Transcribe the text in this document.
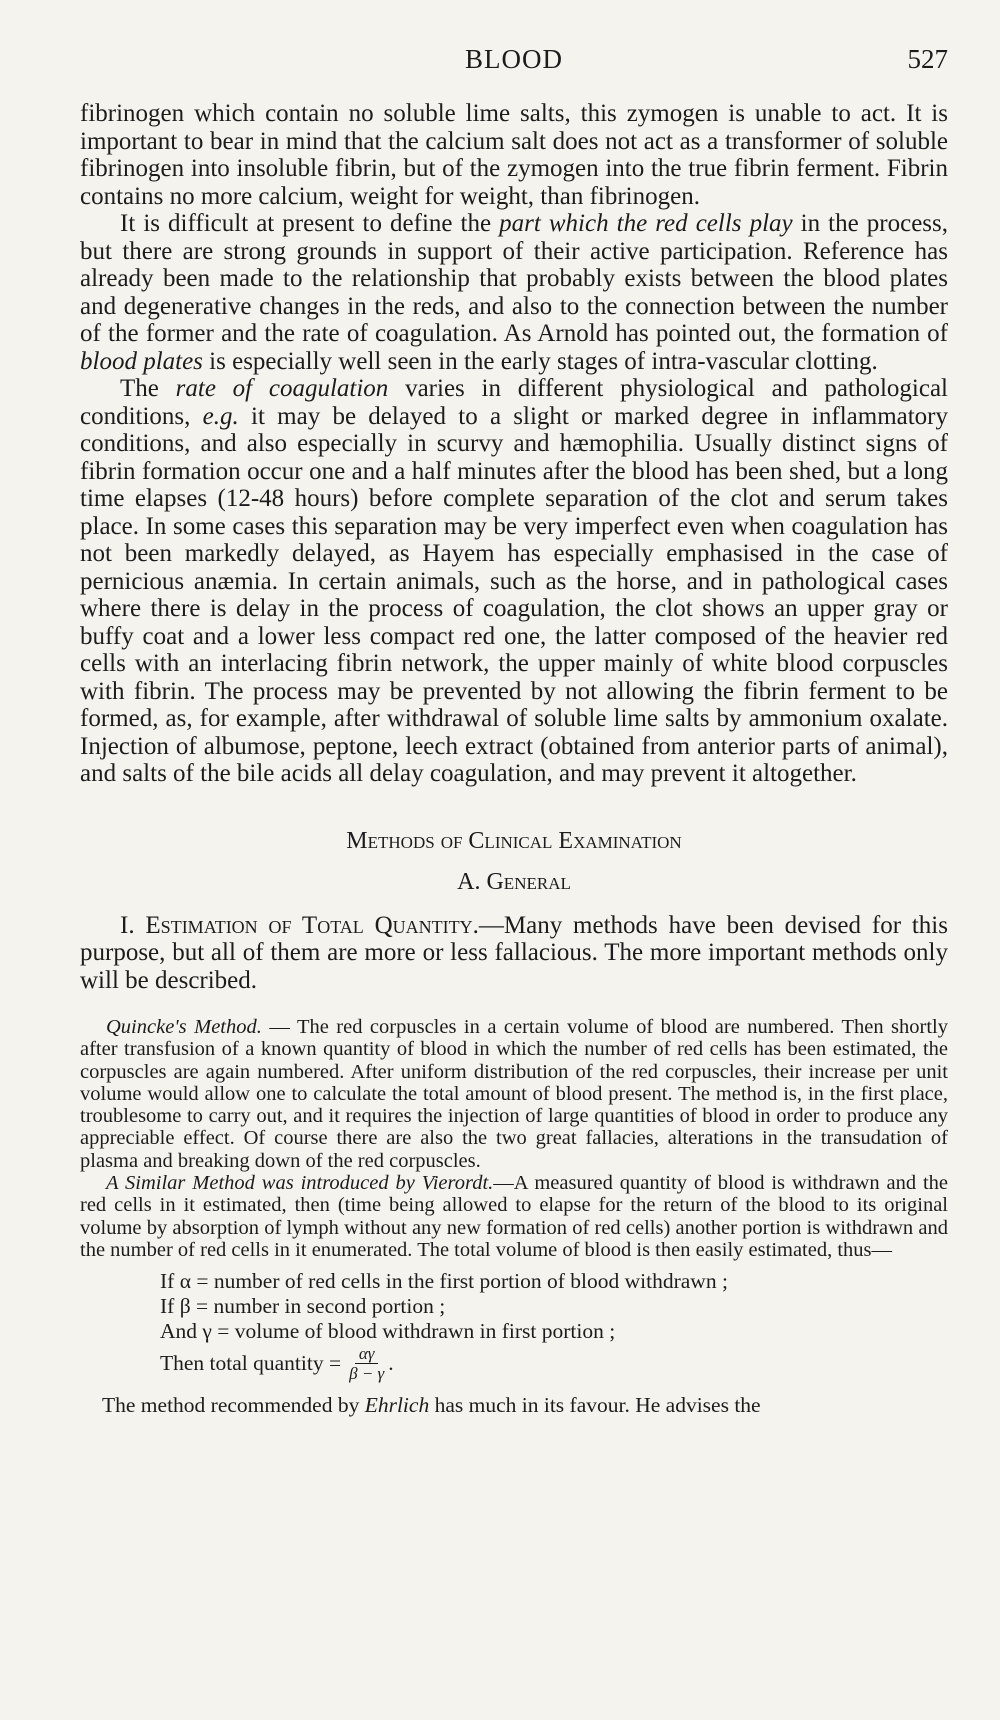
BLOOD	527

fibrinogen which contain no soluble lime salts, this zymogen is unable to act. It is important to bear in mind that the calcium salt does not act as a transformer of soluble fibrinogen into insoluble fibrin, but of the zymogen into the true fibrin ferment. Fibrin contains no more calcium, weight for weight, than fibrinogen.

It is difficult at present to define the part which the red cells play in the process, but there are strong grounds in support of their active participation. Reference has already been made to the relationship that probably exists between the blood plates and degenerative changes in the reds, and also to the connection between the number of the former and the rate of coagulation. As Arnold has pointed out, the formation of blood plates is especially well seen in the early stages of intra-vascular clotting.

The rate of coagulation varies in different physiological and pathological conditions, e.g. it may be delayed to a slight or marked degree in inflammatory conditions, and also especially in scurvy and hæmophilia. Usually distinct signs of fibrin formation occur one and a half minutes after the blood has been shed, but a long time elapses (12-48 hours) before complete separation of the clot and serum takes place. In some cases this separation may be very imperfect even when coagulation has not been markedly delayed, as Hayem has especially emphasised in the case of pernicious anæmia. In certain animals, such as the horse, and in pathological cases where there is delay in the process of coagulation, the clot shows an upper gray or buffy coat and a lower less compact red one, the latter composed of the heavier red cells with an interlacing fibrin network, the upper mainly of white blood corpuscles with fibrin. The process may be prevented by not allowing the fibrin ferment to be formed, as, for example, after withdrawal of soluble lime salts by ammonium oxalate. Injection of albumose, peptone, leech extract (obtained from anterior parts of animal), and salts of the bile acids all delay coagulation, and may prevent it altogether.

Methods of Clinical Examination
A. General

I. Estimation of Total Quantity.—Many methods have been devised for this purpose, but all of them are more or less fallacious. The more important methods only will be described.

Quincke's Method. — The red corpuscles in a certain volume of blood are numbered. Then shortly after transfusion of a known quantity of blood in which the number of red cells has been estimated, the corpuscles are again numbered. After uniform distribution of the red corpuscles, their increase per unit volume would allow one to calculate the total amount of blood present. The method is, in the first place, troublesome to carry out, and it requires the injection of large quantities of blood in order to produce any appreciable effect. Of course there are also the two great fallacies, alterations in the transudation of plasma and breaking down of the red corpuscles.

A Similar Method was introduced by Vierordt.—A measured quantity of blood is withdrawn and the red cells in it estimated, then (time being allowed to elapse for the return of the blood to its original volume by absorption of lymph without any new formation of red cells) another portion is withdrawn and the number of red cells in it enumerated. The total volume of blood is then easily estimated, thus—

If α = number of red cells in the first portion of blood withdrawn ;
If β = number in second portion ;
And γ = volume of blood withdrawn in first portion ;
Then total quantity = $\frac{\alpha\gamma}{\beta - \gamma}$ .
The method recommended by Ehrlich has much in its favour. He advises the
